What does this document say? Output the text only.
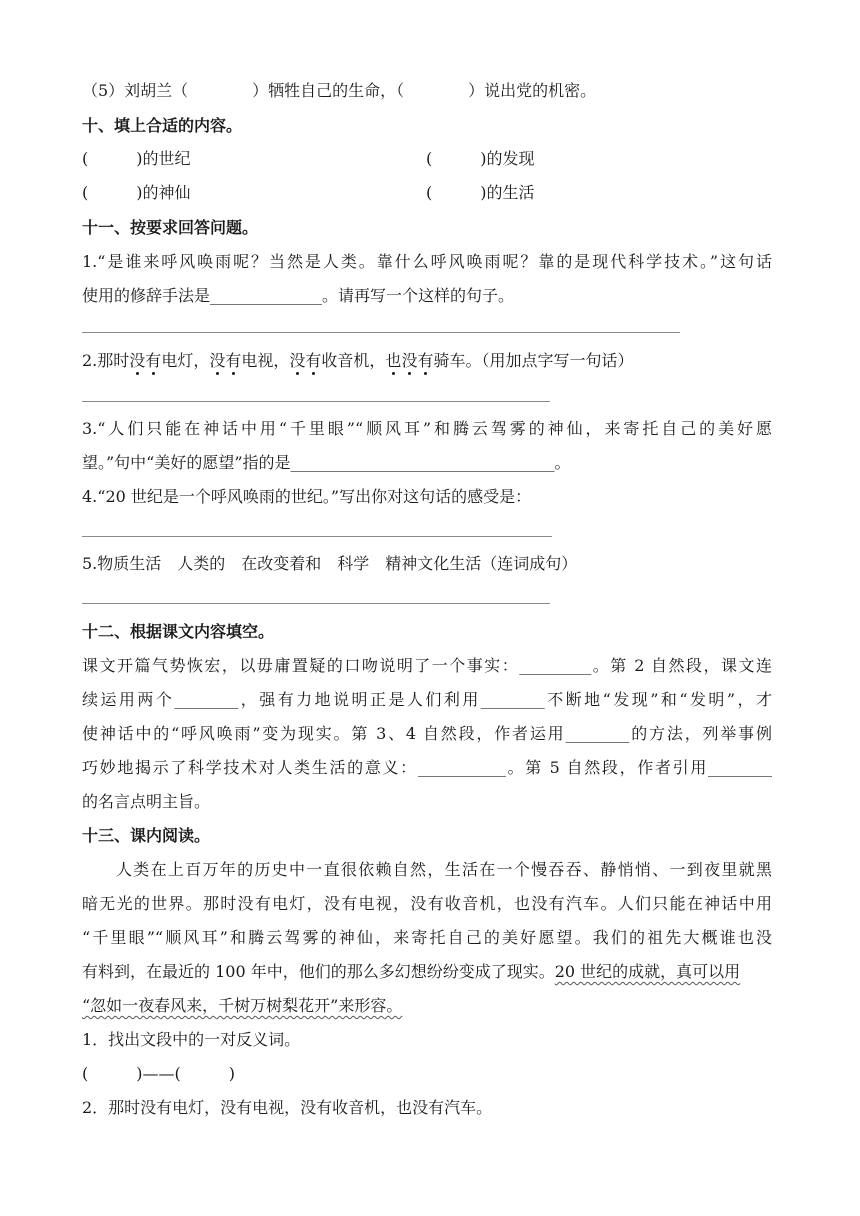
（5）刘胡兰（　　　　）牺牲自己的生命，（　　　　）说出党的机密。
十、填上合适的内容。
(　　　)的世纪	(　　　)的发现
(　　　)的神仙	(　　　)的生活
十一、按要求回答问题。
1.“是谁来呼风唤雨呢？当然是人类。靠什么呼风唤雨呢？靠的是现代科学技术。”这句话
使用的修辞手法是______________。请再写一个这样的句子。
2.那时没有电灯，没有电视，没有收音机，也没有骑车。（用加点字写一句话）
3.“人们只能在神话中用“千里眼”“顺风耳”和腾云驾雾的神仙，来寄托自己的美好愿
望。”句中“美好的愿望”指的是_________________________________。
4.“20 世纪是一个呼风唤雨的世纪。”写出你对这句话的感受是：
5.物质生活　人类的　在改变着和　科学　精神文化生活（连词成句）
十二、根据课文内容填空。
课文开篇气势恢宏，以毋庸置疑的口吻说明了一个事实：_________。第 2 自然段，课文连
续运用两个________，强有力地说明正是人们利用________不断地“发现”和“发明”，才
使神话中的“呼风唤雨”变为现实。第 3、4 自然段，作者运用________的方法，列举事例
巧妙地揭示了科学技术对人类生活的意义：___________。第 5 自然段，作者引用________
的名言点明主旨。
十三、课内阅读。
人类在上百万年的历史中一直很依赖自然，生活在一个慢吞吞、静悄悄、一到夜里就黑
暗无光的世界。那时没有电灯，没有电视，没有收音机，也没有汽车。人们只能在神话中用
“千里眼”“顺风耳”和腾云驾雾的神仙，来寄托自己的美好愿望。我们的祖先大概谁也没
有料到，在最近的 100 年中，他们的那么多幻想纷纷变成了现实。20 世纪的成就，真可以用
“忽如一夜春风来，千树万树梨花开”来形容。
1．找出文段中的一对反义词。
(　　　)——(　　　)
2．那时没有电灯，没有电视，没有收音机，也没有汽车。
